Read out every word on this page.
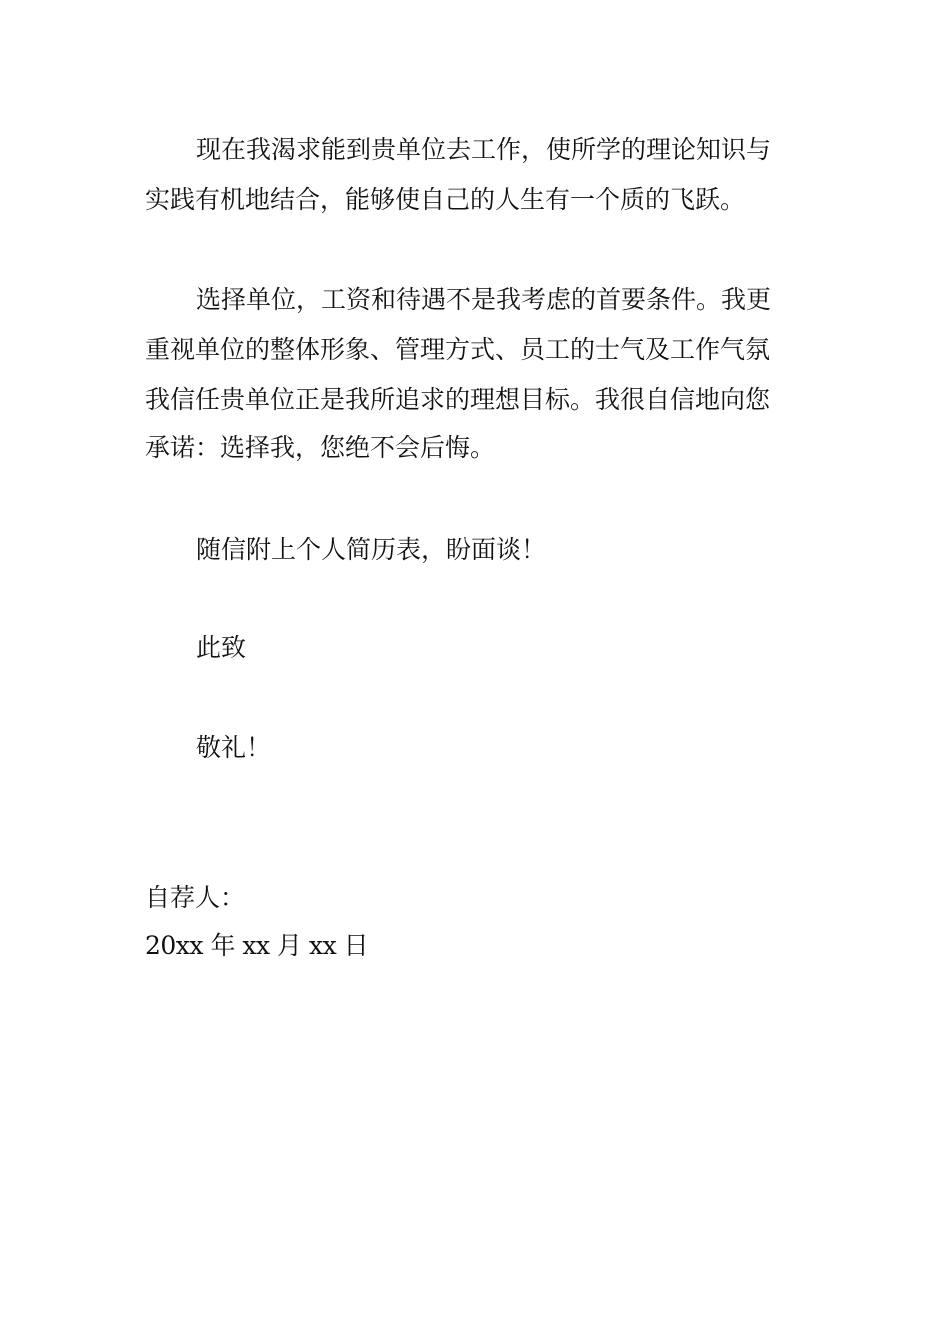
现在我渴求能到贵单位去工作，使所学的理论知识与
实践有机地结合，能够使自己的人生有一个质的飞跃。
选择单位，工资和待遇不是我考虑的首要条件。我更
重视单位的整体形象、管理方式、员工的士气及工作气氛
我信任贵单位正是我所追求的理想目标。我很自信地向您
承诺：选择我，您绝不会后悔。
随信附上个人简历表，盼面谈！
此致
敬礼！
自荐人：
20xx 年 xx 月 xx 日
